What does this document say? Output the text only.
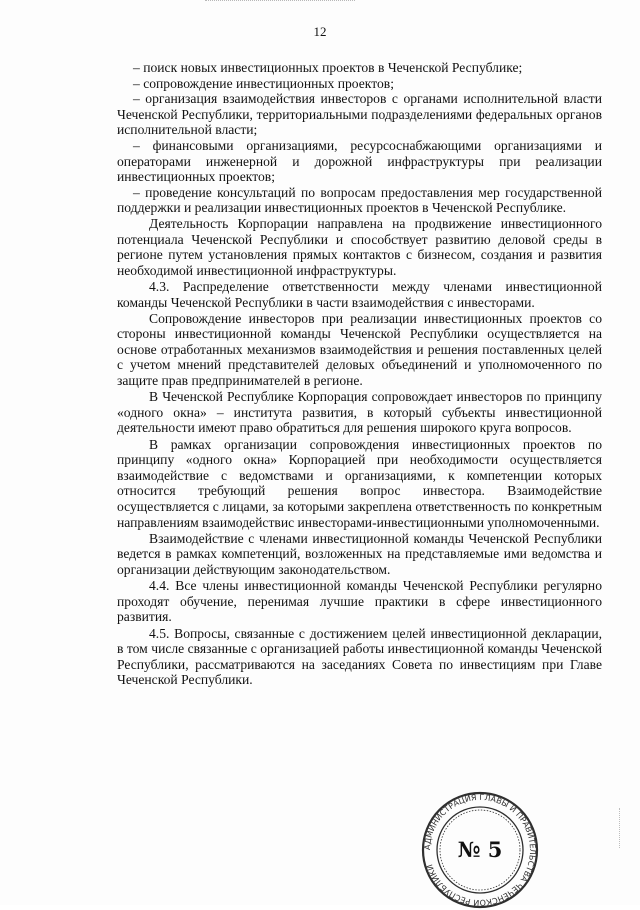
12
– поиск новых инвестиционных проектов в Чеченской Республике;
– сопровождение инвестиционных проектов;
– организация взаимодействия инвесторов с органами исполнительной власти Чеченской Республики, территориальными подразделениями федеральных органов исполнительной власти;
– финансовыми организациями, ресурсоснабжающими организациями и операторами инженерной и дорожной инфраструктуры при реализации инвестиционных проектов;
– проведение консультаций по вопросам предоставления мер государственной поддержки и реализации инвестиционных проектов в Чеченской Республике.

Деятельность Корпорации направлена на продвижение инвестиционного потенциала Чеченской Республики и способствует развитию деловой среды в регионе путем установления прямых контактов с бизнесом, создания и развития необходимой инвестиционной инфраструктуры.

4.3. Распределение ответственности между членами инвестиционной команды Чеченской Республики в части взаимодействия с инвесторами.

Сопровождение инвесторов при реализации инвестиционных проектов со стороны инвестиционной команды Чеченской Республики осуществляется на основе отработанных механизмов взаимодействия и решения поставленных целей с учетом мнений представителей деловых объединений и уполномоченного по защите прав предпринимателей в регионе.

В Чеченской Республике Корпорация сопровождает инвесторов по принципу «одного окна» – института развития, в который субъекты инвестиционной деятельности имеют право обратиться для решения широкого круга вопросов.

В рамках организации сопровождения инвестиционных проектов по принципу «одного окна» Корпорацией при необходимости осуществляется взаимодействие с ведомствами и организациями, к компетенции которых относится требующий решения вопрос инвестора. Взаимодействие осуществляется с лицами, за которыми закреплена ответственность по конкретным направлениям взаимодействиc инвесторами-инвестиционными уполномоченными.

Взаимодействие с членами инвестиционной команды Чеченской Республики ведется в рамках компетенций, возложенных на представляемые ими ведомства и организации действующим законодательством.

4.4. Все члены инвестиционной команды Чеченской Республики регулярно проходят обучение, перенимая лучшие практики в сфере инвестиционного развития.

4.5. Вопросы, связанные с достижением целей инвестиционной декларации, в том числе связанные с организацией работы инвестиционной команды Чеченской Республики, рассматриваются на заседаниях Совета по инвестициям при Главе Чеченской Республики.

АДМИНИСТРАЦИЯ ГЛАВЫ И ПРАВИТЕЛЬСТВА ЧЕЧЕНСКОЙ РЕСПУБЛИКИ
№ 5
